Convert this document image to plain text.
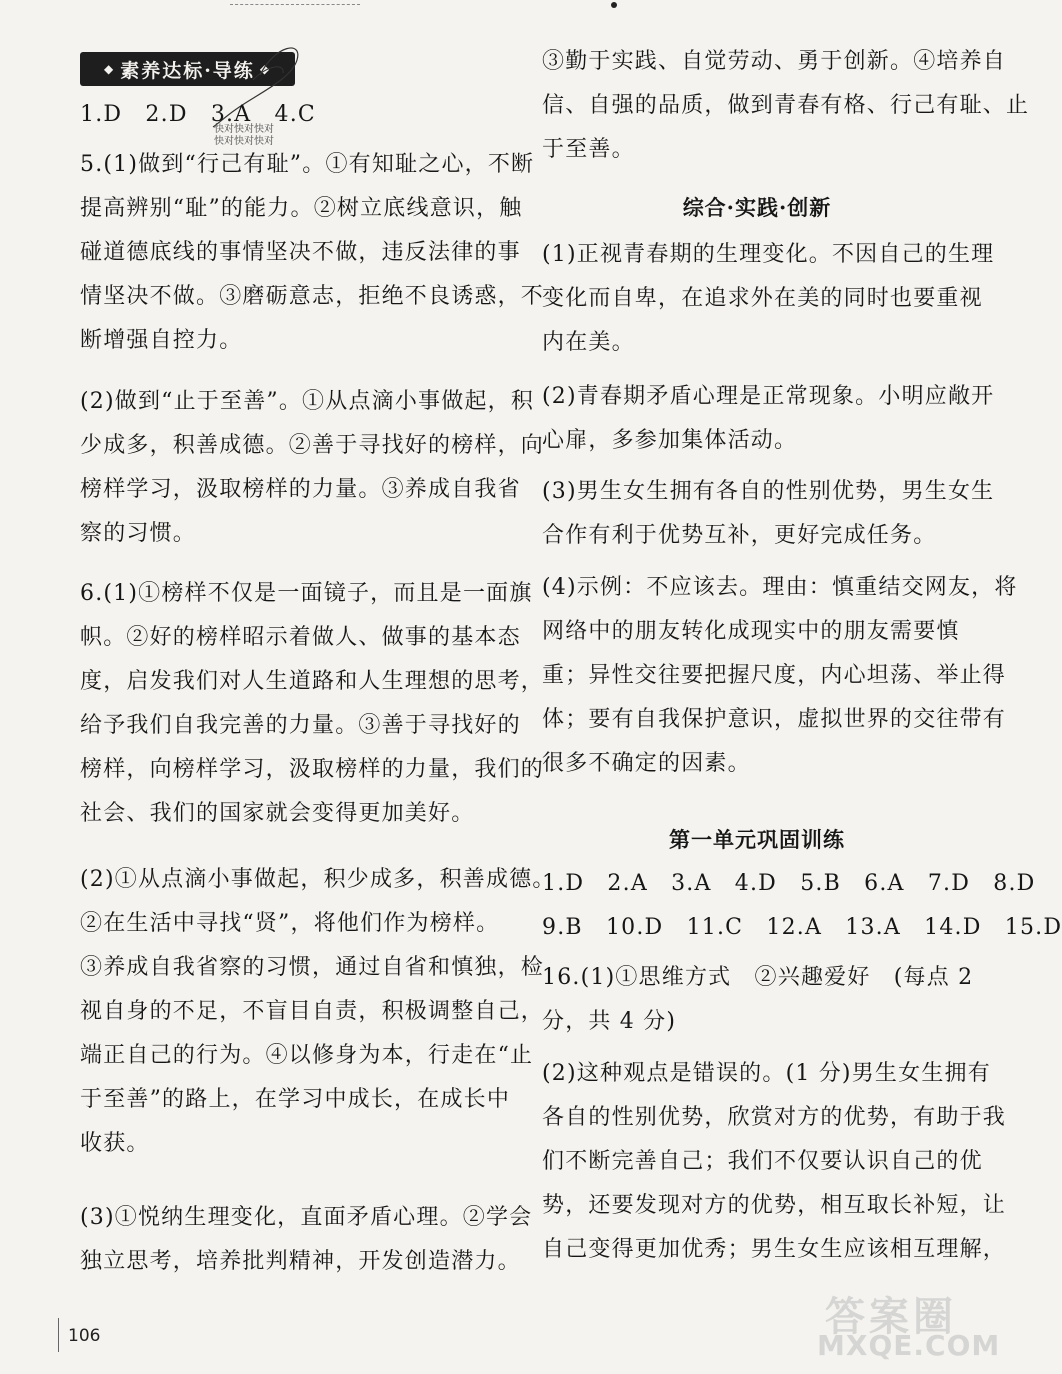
◆ 素养达标·导练 ◆
快对快对快对
快对快对快对
1.D　2.D　3.A　4.C
5.(1)做到“行己有耻”。①有知耻之心，不断
提高辨别“耻”的能力。②树立底线意识，触
碰道德底线的事情坚决不做，违反法律的事
情坚决不做。③磨砺意志，拒绝不良诱惑，不
断增强自控力。
(2)做到“止于至善”。①从点滴小事做起，积
少成多，积善成德。②善于寻找好的榜样，向
榜样学习，汲取榜样的力量。③养成自我省
察的习惯。
6.(1)①榜样不仅是一面镜子，而且是一面旗
帜。②好的榜样昭示着做人、做事的基本态
度，启发我们对人生道路和人生理想的思考，
给予我们自我完善的力量。③善于寻找好的
榜样，向榜样学习，汲取榜样的力量，我们的
社会、我们的国家就会变得更加美好。
(2)①从点滴小事做起，积少成多，积善成德。
②在生活中寻找“贤”，将他们作为榜样。
③养成自我省察的习惯，通过自省和慎独，检
视自身的不足，不盲目自责，积极调整自己，
端正自己的行为。④以修身为本，行走在“止
于至善”的路上，在学习中成长，在成长中
收获。
(3)①悦纳生理变化，直面矛盾心理。②学会
独立思考，培养批判精神，开发创造潜力。
③勤于实践、自觉劳动、勇于创新。④培养自
信、自强的品质，做到青春有格、行己有耻、止
于至善。
综合·实践·创新
(1)正视青春期的生理变化。不因自己的生理
变化而自卑，在追求外在美的同时也要重视
内在美。
(2)青春期矛盾心理是正常现象。小明应敞开
心扉，多参加集体活动。
(3)男生女生拥有各自的性别优势，男生女生
合作有利于优势互补，更好完成任务。
(4)示例：不应该去。理由：慎重结交网友，将
网络中的朋友转化成现实中的朋友需要慎
重；异性交往要把握尺度，内心坦荡、举止得
体；要有自我保护意识，虚拟世界的交往带有
很多不确定的因素。
第一单元巩固训练
1.D　2.A　3.A　4.D　5.B　6.A　7.D　8.D
9.B　10.D　11.C　12.A　13.A　14.D　15.D
16.(1)①思维方式　②兴趣爱好　(每点 2
分，共 4 分)
(2)这种观点是错误的。(1 分)男生女生拥有
各自的性别优势，欣赏对方的优势，有助于我
们不断完善自己；我们不仅要认识自己的优
势，还要发现对方的优势，相互取长补短，让
自己变得更加优秀；男生女生应该相互理解，
106	答案圈
MXQE.COM
